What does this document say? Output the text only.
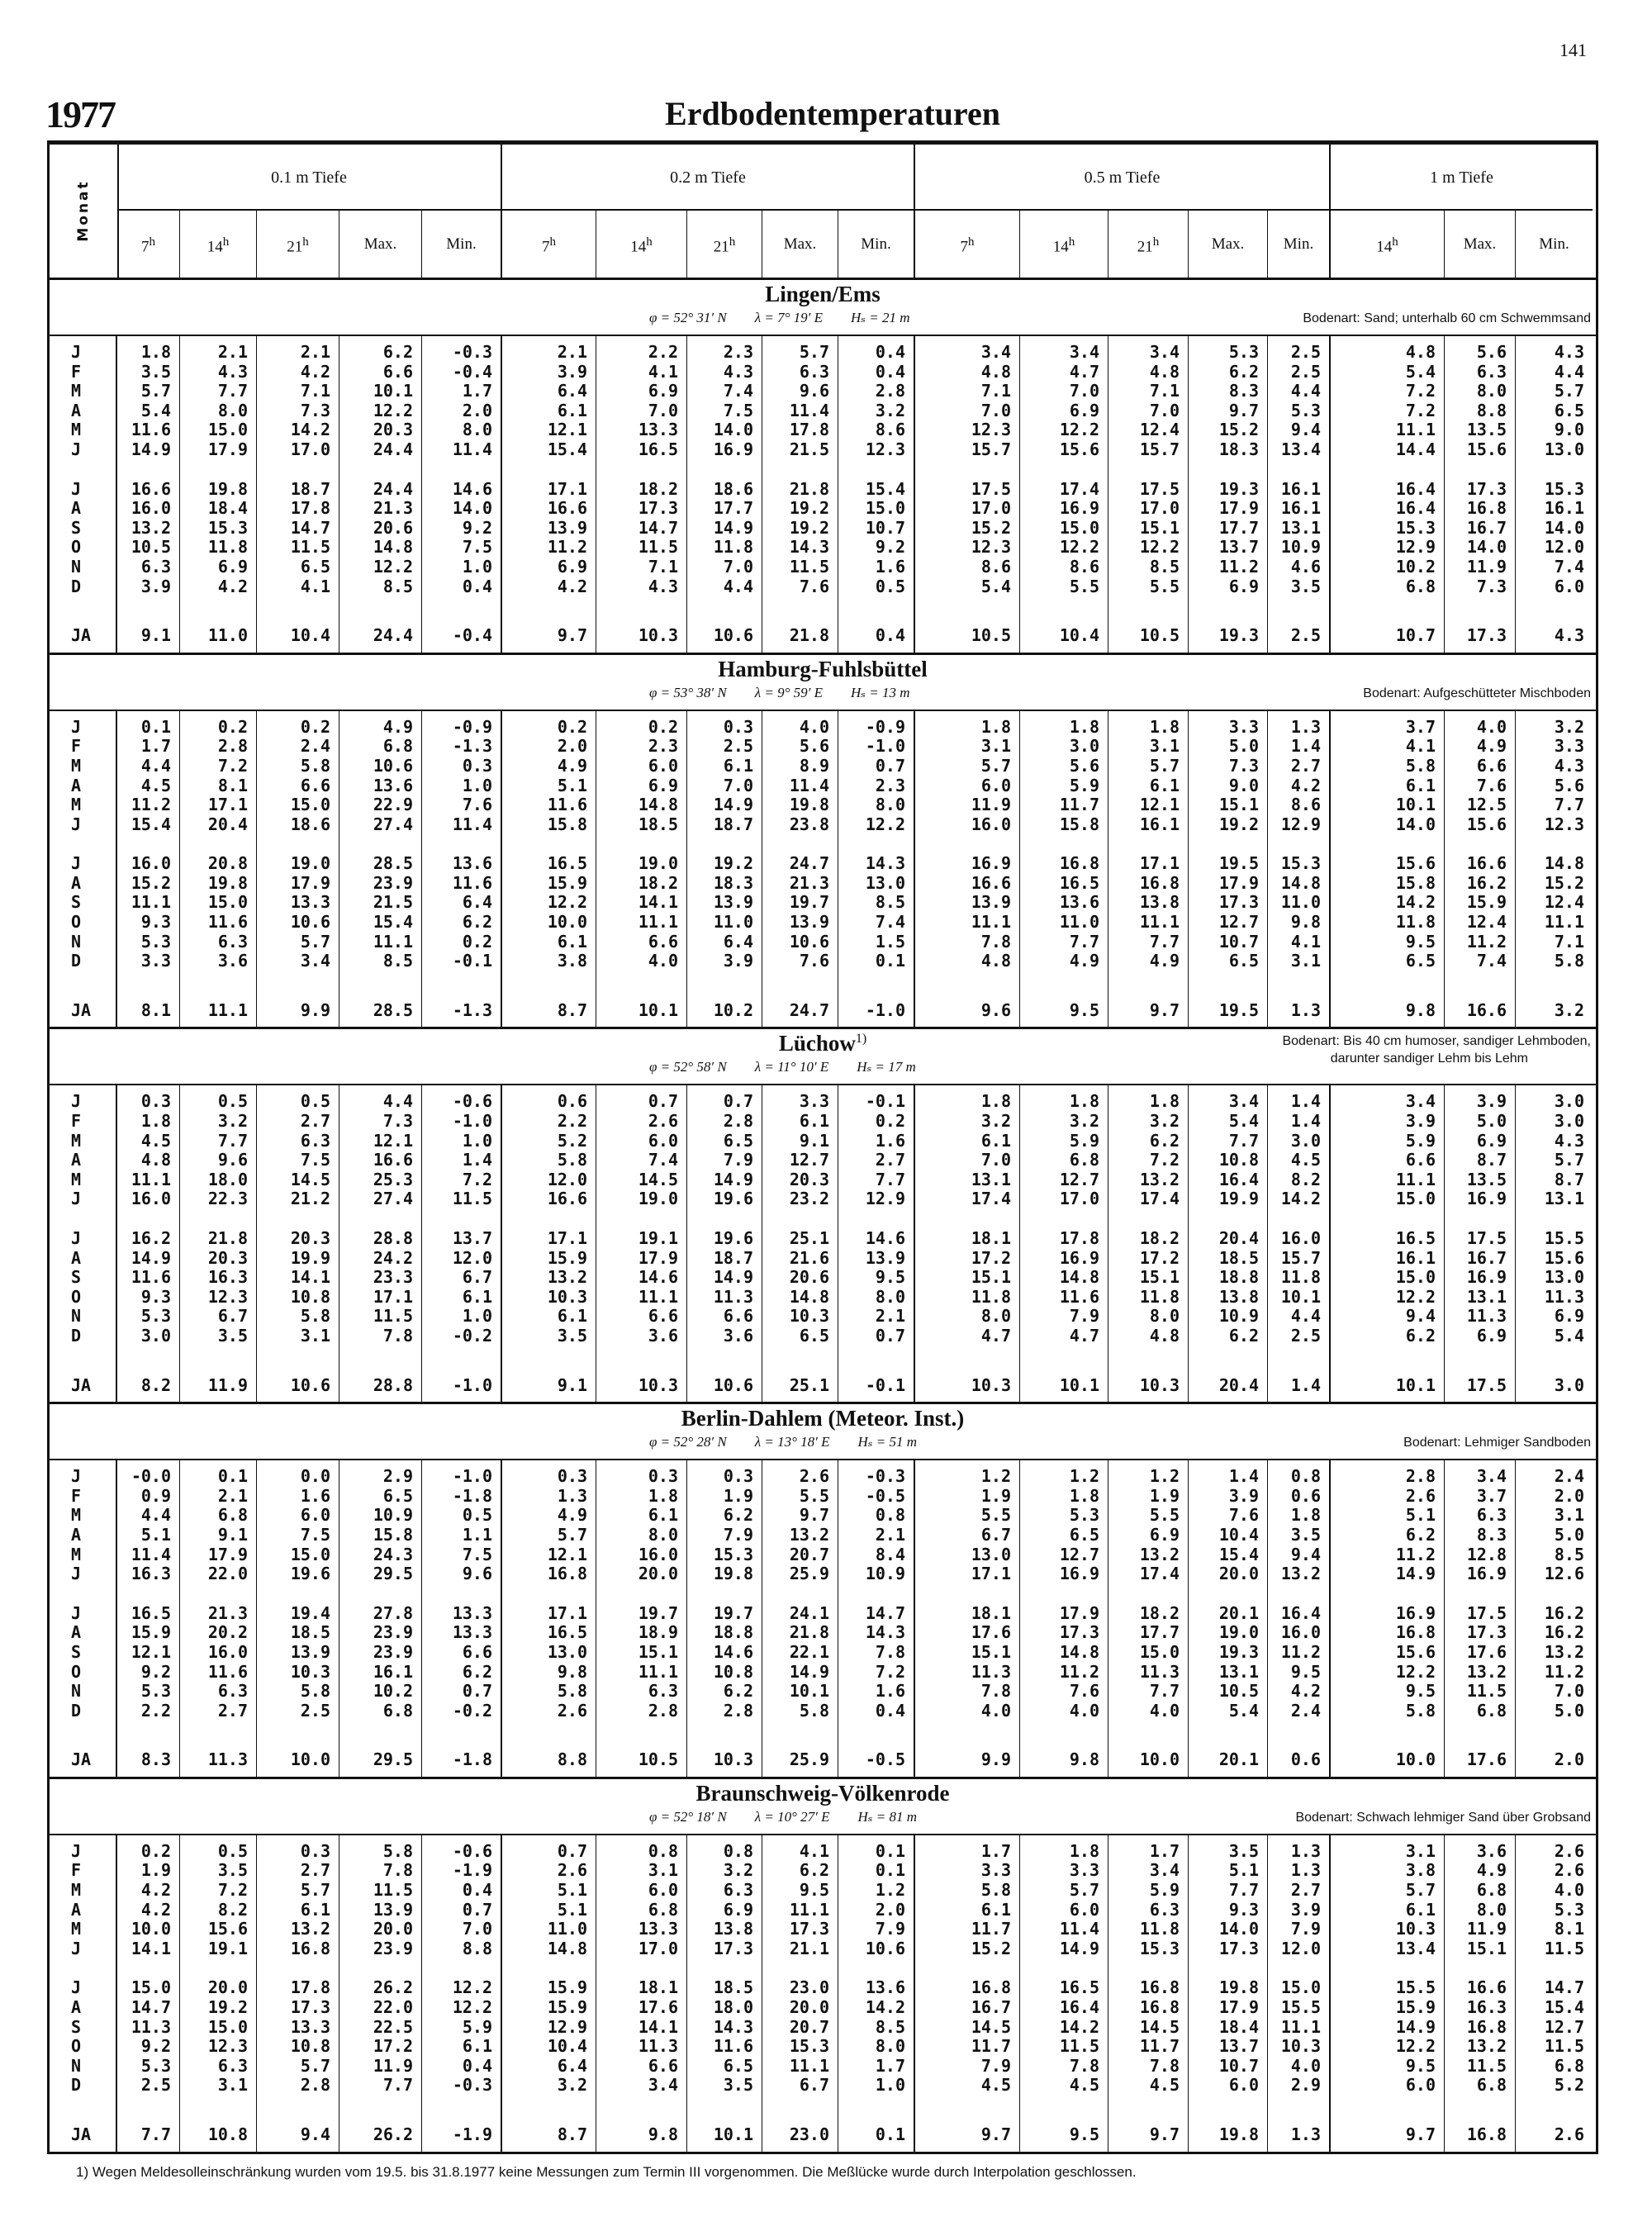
141
1977	Erdbodentemperaturen
Monat
0.1 m Tiefe	0.2 m Tiefe	0.5 m Tiefe	1 m Tiefe
7$^h$	14$^h$	21$^h$	Max.	Min.	7$^h$	14$^h$	21$^h$	Max.	Min.	7$^h$	14$^h$	21$^h$	Max.	Min.	14$^h$	Max.	Min.
Lingen/Ems
φ = 52° 31′ N λ = 7° 19′ E Hₛ = 21 m	Bodenart: Sand; unterhalb 60 cm Schwemmsand
J	1.8	2.1	2.1	6.2	-0.3	2.1	2.2	2.3	5.7	0.4	3.4	3.4	3.4	5.3	2.5	4.8	5.6	4.3
F	3.5	4.3	4.2	6.6	-0.4	3.9	4.1	4.3	6.3	0.4	4.8	4.7	4.8	6.2	2.5	5.4	6.3	4.4
M	5.7	7.7	7.1	10.1	1.7	6.4	6.9	7.4	9.6	2.8	7.1	7.0	7.1	8.3	4.4	7.2	8.0	5.7
A	5.4	8.0	7.3	12.2	2.0	6.1	7.0	7.5	11.4	3.2	7.0	6.9	7.0	9.7	5.3	7.2	8.8	6.5
M	11.6	15.0	14.2	20.3	8.0	12.1	13.3	14.0	17.8	8.6	12.3	12.2	12.4	15.2	9.4	11.1	13.5	9.0
J	14.9	17.9	17.0	24.4	11.4	15.4	16.5	16.9	21.5	12.3	15.7	15.6	15.7	18.3	13.4	14.4	15.6	13.0
J	16.6	19.8	18.7	24.4	14.6	17.1	18.2	18.6	21.8	15.4	17.5	17.4	17.5	19.3	16.1	16.4	17.3	15.3
A	16.0	18.4	17.8	21.3	14.0	16.6	17.3	17.7	19.2	15.0	17.0	16.9	17.0	17.9	16.1	16.4	16.8	16.1
S	13.2	15.3	14.7	20.6	9.2	13.9	14.7	14.9	19.2	10.7	15.2	15.0	15.1	17.7	13.1	15.3	16.7	14.0
O	10.5	11.8	11.5	14.8	7.5	11.2	11.5	11.8	14.3	9.2	12.3	12.2	12.2	13.7	10.9	12.9	14.0	12.0
N	6.3	6.9	6.5	12.2	1.0	6.9	7.1	7.0	11.5	1.6	8.6	8.6	8.5	11.2	4.6	10.2	11.9	7.4
D	3.9	4.2	4.1	8.5	0.4	4.2	4.3	4.4	7.6	0.5	5.4	5.5	5.5	6.9	3.5	6.8	7.3	6.0
JA	9.1	11.0	10.4	24.4	-0.4	9.7	10.3	10.6	21.8	0.4	10.5	10.4	10.5	19.3	2.5	10.7	17.3	4.3
Hamburg-Fuhlsbüttel
φ = 53° 38′ N λ = 9° 59′ E Hₛ = 13 m	Bodenart: Aufgeschütteter Mischboden
J	0.1	0.2	0.2	4.9	-0.9	0.2	0.2	0.3	4.0	-0.9	1.8	1.8	1.8	3.3	1.3	3.7	4.0	3.2
F	1.7	2.8	2.4	6.8	-1.3	2.0	2.3	2.5	5.6	-1.0	3.1	3.0	3.1	5.0	1.4	4.1	4.9	3.3
M	4.4	7.2	5.8	10.6	0.3	4.9	6.0	6.1	8.9	0.7	5.7	5.6	5.7	7.3	2.7	5.8	6.6	4.3
A	4.5	8.1	6.6	13.6	1.0	5.1	6.9	7.0	11.4	2.3	6.0	5.9	6.1	9.0	4.2	6.1	7.6	5.6
M	11.2	17.1	15.0	22.9	7.6	11.6	14.8	14.9	19.8	8.0	11.9	11.7	12.1	15.1	8.6	10.1	12.5	7.7
J	15.4	20.4	18.6	27.4	11.4	15.8	18.5	18.7	23.8	12.2	16.0	15.8	16.1	19.2	12.9	14.0	15.6	12.3
J	16.0	20.8	19.0	28.5	13.6	16.5	19.0	19.2	24.7	14.3	16.9	16.8	17.1	19.5	15.3	15.6	16.6	14.8
A	15.2	19.8	17.9	23.9	11.6	15.9	18.2	18.3	21.3	13.0	16.6	16.5	16.8	17.9	14.8	15.8	16.2	15.2
S	11.1	15.0	13.3	21.5	6.4	12.2	14.1	13.9	19.7	8.5	13.9	13.6	13.8	17.3	11.0	14.2	15.9	12.4
O	9.3	11.6	10.6	15.4	6.2	10.0	11.1	11.0	13.9	7.4	11.1	11.0	11.1	12.7	9.8	11.8	12.4	11.1
N	5.3	6.3	5.7	11.1	0.2	6.1	6.6	6.4	10.6	1.5	7.8	7.7	7.7	10.7	4.1	9.5	11.2	7.1
D	3.3	3.6	3.4	8.5	-0.1	3.8	4.0	3.9	7.6	0.1	4.8	4.9	4.9	6.5	3.1	6.5	7.4	5.8
JA	8.1	11.1	9.9	28.5	-1.3	8.7	10.1	10.2	24.7	-1.0	9.6	9.5	9.7	19.5	1.3	9.8	16.6	3.2
Lüchow$^{1)}$
φ = 52° 58′ N λ = 11° 10′ E Hₛ = 17 m
Bodenart: Bis 40 cm humoser, sandiger Lehmboden,

darunter sandiger Lehm bis Lehm
J	0.3	0.5	0.5	4.4	-0.6	0.6	0.7	0.7	3.3	-0.1	1.8	1.8	1.8	3.4	1.4	3.4	3.9	3.0
F	1.8	3.2	2.7	7.3	-1.0	2.2	2.6	2.8	6.1	0.2	3.2	3.2	3.2	5.4	1.4	3.9	5.0	3.0
M	4.5	7.7	6.3	12.1	1.0	5.2	6.0	6.5	9.1	1.6	6.1	5.9	6.2	7.7	3.0	5.9	6.9	4.3
A	4.8	9.6	7.5	16.6	1.4	5.8	7.4	7.9	12.7	2.7	7.0	6.8	7.2	10.8	4.5	6.6	8.7	5.7
M	11.1	18.0	14.5	25.3	7.2	12.0	14.5	14.9	20.3	7.7	13.1	12.7	13.2	16.4	8.2	11.1	13.5	8.7
J	16.0	22.3	21.2	27.4	11.5	16.6	19.0	19.6	23.2	12.9	17.4	17.0	17.4	19.9	14.2	15.0	16.9	13.1
J	16.2	21.8	20.3	28.8	13.7	17.1	19.1	19.6	25.1	14.6	18.1	17.8	18.2	20.4	16.0	16.5	17.5	15.5
A	14.9	20.3	19.9	24.2	12.0	15.9	17.9	18.7	21.6	13.9	17.2	16.9	17.2	18.5	15.7	16.1	16.7	15.6
S	11.6	16.3	14.1	23.3	6.7	13.2	14.6	14.9	20.6	9.5	15.1	14.8	15.1	18.8	11.8	15.0	16.9	13.0
O	9.3	12.3	10.8	17.1	6.1	10.3	11.1	11.3	14.8	8.0	11.8	11.6	11.8	13.8	10.1	12.2	13.1	11.3
N	5.3	6.7	5.8	11.5	1.0	6.1	6.6	6.6	10.3	2.1	8.0	7.9	8.0	10.9	4.4	9.4	11.3	6.9
D	3.0	3.5	3.1	7.8	-0.2	3.5	3.6	3.6	6.5	0.7	4.7	4.7	4.8	6.2	2.5	6.2	6.9	5.4
JA	8.2	11.9	10.6	28.8	-1.0	9.1	10.3	10.6	25.1	-0.1	10.3	10.1	10.3	20.4	1.4	10.1	17.5	3.0
Berlin-Dahlem (Meteor. Inst.)
φ = 52° 28′ N λ = 13° 18′ E Hₛ = 51 m	Bodenart: Lehmiger Sandboden
J	-0.0	0.1	0.0	2.9	-1.0	0.3	0.3	0.3	2.6	-0.3	1.2	1.2	1.2	1.4	0.8	2.8	3.4	2.4
F	0.9	2.1	1.6	6.5	-1.8	1.3	1.8	1.9	5.5	-0.5	1.9	1.8	1.9	3.9	0.6	2.6	3.7	2.0
M	4.4	6.8	6.0	10.9	0.5	4.9	6.1	6.2	9.7	0.8	5.5	5.3	5.5	7.6	1.8	5.1	6.3	3.1
A	5.1	9.1	7.5	15.8	1.1	5.7	8.0	7.9	13.2	2.1	6.7	6.5	6.9	10.4	3.5	6.2	8.3	5.0
M	11.4	17.9	15.0	24.3	7.5	12.1	16.0	15.3	20.7	8.4	13.0	12.7	13.2	15.4	9.4	11.2	12.8	8.5
J	16.3	22.0	19.6	29.5	9.6	16.8	20.0	19.8	25.9	10.9	17.1	16.9	17.4	20.0	13.2	14.9	16.9	12.6
J	16.5	21.3	19.4	27.8	13.3	17.1	19.7	19.7	24.1	14.7	18.1	17.9	18.2	20.1	16.4	16.9	17.5	16.2
A	15.9	20.2	18.5	23.9	13.3	16.5	18.9	18.8	21.8	14.3	17.6	17.3	17.7	19.0	16.0	16.8	17.3	16.2
S	12.1	16.0	13.9	23.9	6.6	13.0	15.1	14.6	22.1	7.8	15.1	14.8	15.0	19.3	11.2	15.6	17.6	13.2
O	9.2	11.6	10.3	16.1	6.2	9.8	11.1	10.8	14.9	7.2	11.3	11.2	11.3	13.1	9.5	12.2	13.2	11.2
N	5.3	6.3	5.8	10.2	0.7	5.8	6.3	6.2	10.1	1.6	7.8	7.6	7.7	10.5	4.2	9.5	11.5	7.0
D	2.2	2.7	2.5	6.8	-0.2	2.6	2.8	2.8	5.8	0.4	4.0	4.0	4.0	5.4	2.4	5.8	6.8	5.0
JA	8.3	11.3	10.0	29.5	-1.8	8.8	10.5	10.3	25.9	-0.5	9.9	9.8	10.0	20.1	0.6	10.0	17.6	2.0
Braunschweig-Völkenrode
φ = 52° 18′ N λ = 10° 27′ E Hₛ = 81 m	Bodenart: Schwach lehmiger Sand über Grobsand
J	0.2	0.5	0.3	5.8	-0.6	0.7	0.8	0.8	4.1	0.1	1.7	1.8	1.7	3.5	1.3	3.1	3.6	2.6
F	1.9	3.5	2.7	7.8	-1.9	2.6	3.1	3.2	6.2	0.1	3.3	3.3	3.4	5.1	1.3	3.8	4.9	2.6
M	4.2	7.2	5.7	11.5	0.4	5.1	6.0	6.3	9.5	1.2	5.8	5.7	5.9	7.7	2.7	5.7	6.8	4.0
A	4.2	8.2	6.1	13.9	0.7	5.1	6.8	6.9	11.1	2.0	6.1	6.0	6.3	9.3	3.9	6.1	8.0	5.3
M	10.0	15.6	13.2	20.0	7.0	11.0	13.3	13.8	17.3	7.9	11.7	11.4	11.8	14.0	7.9	10.3	11.9	8.1
J	14.1	19.1	16.8	23.9	8.8	14.8	17.0	17.3	21.1	10.6	15.2	14.9	15.3	17.3	12.0	13.4	15.1	11.5
J	15.0	20.0	17.8	26.2	12.2	15.9	18.1	18.5	23.0	13.6	16.8	16.5	16.8	19.8	15.0	15.5	16.6	14.7
A	14.7	19.2	17.3	22.0	12.2	15.9	17.6	18.0	20.0	14.2	16.7	16.4	16.8	17.9	15.5	15.9	16.3	15.4
S	11.3	15.0	13.3	22.5	5.9	12.9	14.1	14.3	20.7	8.5	14.5	14.2	14.5	18.4	11.1	14.9	16.8	12.7
O	9.2	12.3	10.8	17.2	6.1	10.4	11.3	11.6	15.3	8.0	11.7	11.5	11.7	13.7	10.3	12.2	13.2	11.5
N	5.3	6.3	5.7	11.9	0.4	6.4	6.6	6.5	11.1	1.7	7.9	7.8	7.8	10.7	4.0	9.5	11.5	6.8
D	2.5	3.1	2.8	7.7	-0.3	3.2	3.4	3.5	6.7	1.0	4.5	4.5	4.5	6.0	2.9	6.0	6.8	5.2
JA	7.7	10.8	9.4	26.2	-1.9	8.7	9.8	10.1	23.0	0.1	9.7	9.5	9.7	19.8	1.3	9.7	16.8	2.6
1) Wegen Meldesolleinschränkung wurden vom 19.5. bis 31.8.1977 keine Messungen zum Termin III vorgenommen. Die Meßlücke wurde durch Interpolation geschlossen.
